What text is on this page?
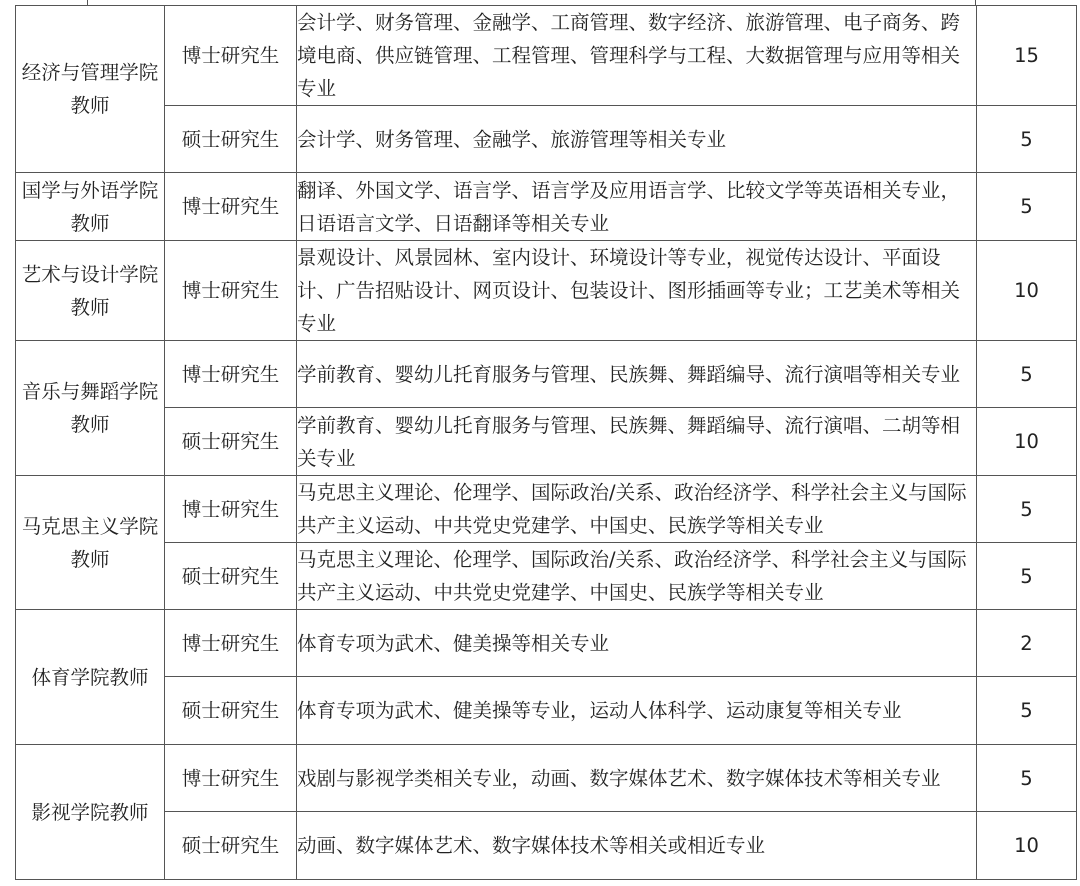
经济与管理学院教师	博士研究生	会计学、财务管理、金融学、工商管理、数字经济、旅游管理、电子商务、跨境电商、供应链管理、工程管理、管理科学与工程、大数据管理与应用等相关专业	15
	硕士研究生	会计学、财务管理、金融学、旅游管理等相关专业	5
国学与外语学院教师	博士研究生	翻译、外国文学、语言学、语言学及应用语言学、比较文学等英语相关专业，日语语言文学、日语翻译等相关专业	5
艺术与设计学院教师	博士研究生	景观设计、风景园林、室内设计、环境设计等专业，视觉传达设计、平面设计、广告招贴设计、网页设计、包装设计、图形插画等专业；工艺美术等相关专业	10
音乐与舞蹈学院教师	博士研究生	学前教育、婴幼儿托育服务与管理、民族舞、舞蹈编导、流行演唱等相关专业	5
	硕士研究生	学前教育、婴幼儿托育服务与管理、民族舞、舞蹈编导、流行演唱、二胡等相关专业	10
马克思主义学院教师	博士研究生	马克思主义理论、伦理学、国际政治/关系、政治经济学、科学社会主义与国际共产主义运动、中共党史党建学、中国史、民族学等相关专业	5
	硕士研究生	马克思主义理论、伦理学、国际政治/关系、政治经济学、科学社会主义与国际共产主义运动、中共党史党建学、中国史、民族学等相关专业	5
体育学院教师	博士研究生	体育专项为武术、健美操等相关专业	2
	硕士研究生	体育专项为武术、健美操等专业，运动人体科学、运动康复等相关专业	5
影视学院教师	博士研究生	戏剧与影视学类相关专业，动画、数字媒体艺术、数字媒体技术等相关专业	5
	硕士研究生	动画、数字媒体艺术、数字媒体技术等相关或相近专业	10
